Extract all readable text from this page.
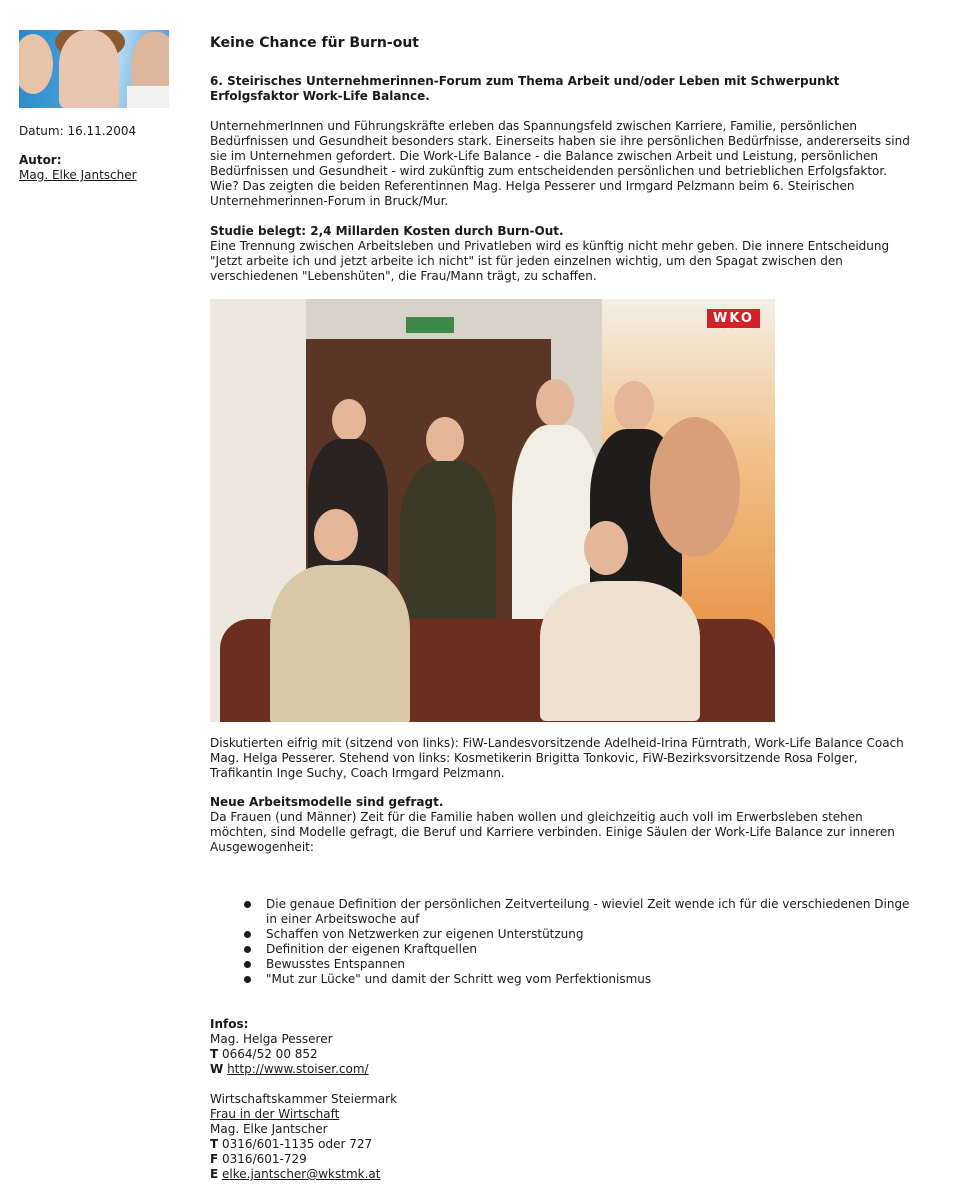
Datum: 16.11.2004
Autor:
Mag. Elke Jantscher
Keine Chance für Burn-out

6. Steirisches Unternehmerinnen-Forum zum Thema Arbeit und/oder Leben mit Schwerpunkt Erfolgsfaktor Work-Life Balance.

UnternehmerInnen und Führungskräfte erleben das Spannungsfeld zwischen Karriere, Familie, persönlichen Bedürfnissen und Gesundheit besonders stark. Einerseits haben sie ihre persönlichen Bedürfnisse, andererseits sind sie im Unternehmen gefordert. Die Work-Life Balance - die Balance zwischen Arbeit und Leistung, persönlichen Bedürfnissen und Gesundheit - wird zukünftig zum entscheidenden persönlichen und betrieblichen Erfolgsfaktor. Wie? Das zeigten die beiden Referentinnen Mag. Helga Pesserer und Irmgard Pelzmann beim 6. Steirischen Unternehmerinnen-Forum in Bruck/Mur.

Studie belegt: 2,4 Millarden Kosten durch Burn-Out.

Eine Trennung zwischen Arbeitsleben und Privatleben wird es künftig nicht mehr geben. Die innere Entscheidung "Jetzt arbeite ich und jetzt arbeite ich nicht" ist für jeden einzelnen wichtig, um den Spagat zwischen den verschiedenen "Lebenshüten", die Frau/Mann trägt, zu schaffen.

WKO

Diskutierten eifrig mit (sitzend von links): FiW-Landesvorsitzende Adelheid-Irina Fürntrath, Work-Life Balance Coach Mag. Helga Pesserer. Stehend von links: Kosmetikerin Brigitta Tonkovic, FiW-Bezirksvorsitzende Rosa Folger, Trafikantin Inge Suchy, Coach Irmgard Pelzmann.

Neue Arbeitsmodelle sind gefragt.

Da Frauen (und Männer) Zeit für die Familie haben wollen und gleichzeitig auch voll im Erwerbsleben stehen möchten, sind Modelle gefragt, die Beruf und Karriere verbinden. Einige Säulen der Work-Life Balance zur inneren Ausgewogenheit:

Die genaue Definition der persönlichen Zeitverteilung - wieviel Zeit wende ich für die verschiedenen Dinge in einer Arbeitswoche auf
Schaffen von Netzwerken zur eigenen Unterstützung
Definition der eigenen Kraftquellen
Bewusstes Entspannen
"Mut zur Lücke" und damit der Schritt weg vom Perfektionismus
Infos:
Mag. Helga Pesserer
T 0664/52 00 852
W http://www.stoiser.com/
Wirtschaftskammer Steiermark
Frau in der Wirtschaft
Mag. Elke Jantscher
T 0316/601-1135 oder 727
F 0316/601-729
E elke.jantscher@wkstmk.at
